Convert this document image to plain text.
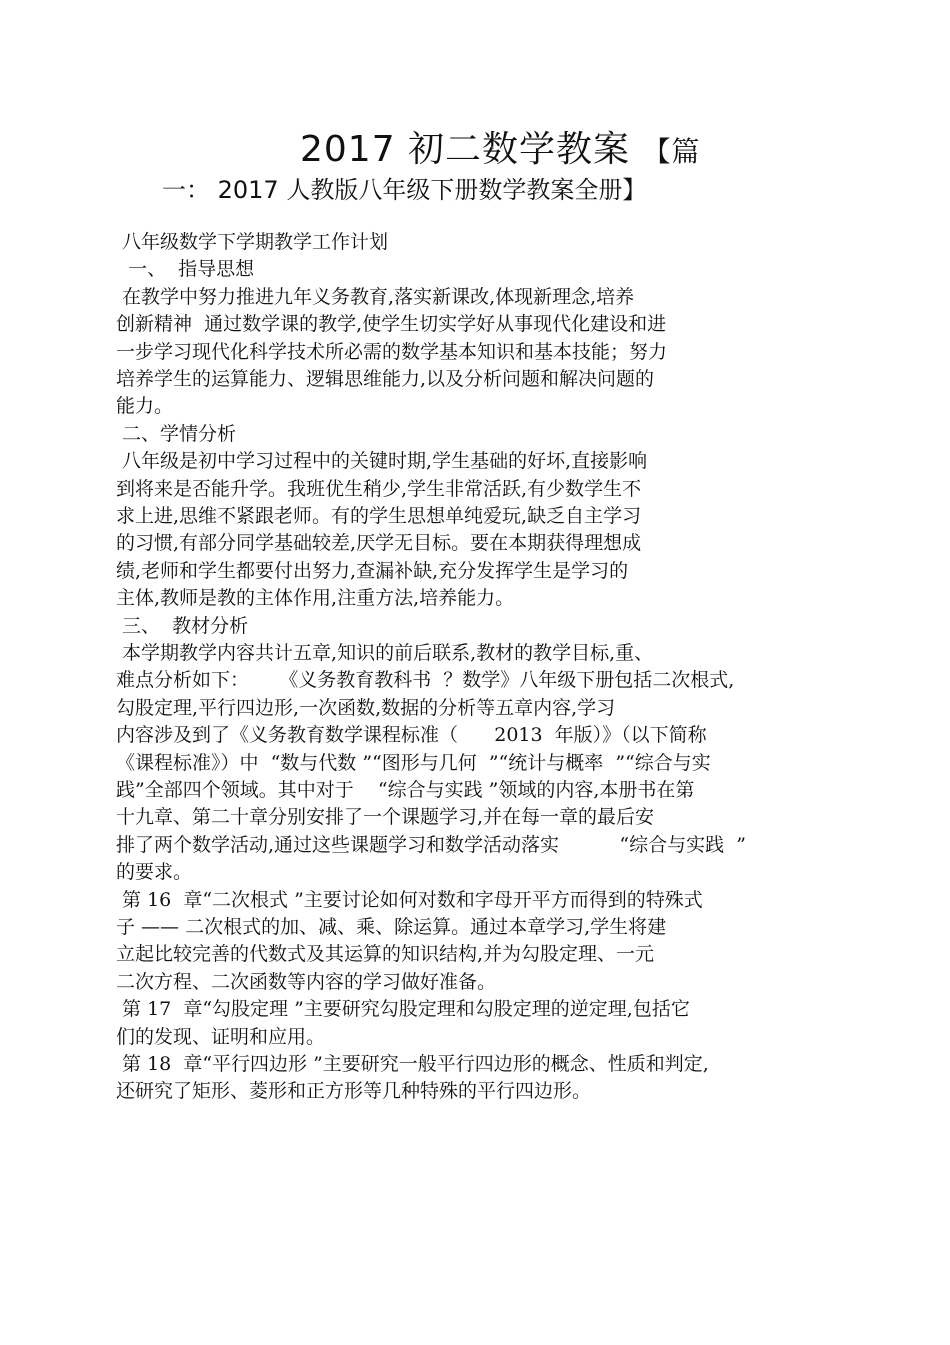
2017 初二数学教案 【篇
一： 2017 人教版八年级下册数学教案全册】
八年级数学下学期教学工作计划
一、  指导思想
在教学中努力推进九年义务教育,落实新课改,体现新理念,培养
创新精神  通过数学课的教学,使学生切实学好从事现代化建设和进
一步学习现代化科学技术所必需的数学基本知识和基本技能；努力
培养学生的运算能力、逻辑思维能力,以及分析问题和解决问题的
能力。
二、学情分析
八年级是初中学习过程中的关键时期,学生基础的好坏,直接影响
到将来是否能升学。我班优生稍少,学生非常活跃,有少数学生不
求上进,思维不紧跟老师。有的学生思想单纯爱玩,缺乏自主学习
的习惯,有部分同学基础较差,厌学无目标。要在本期获得理想成
绩,老师和学生都要付出努力,查漏补缺,充分发挥学生是学习的
主体,教师是教的主体作用,注重方法,培养能力。
三、  教材分析
本学期教学内容共计五章,知识的前后联系,教材的教学目标,重、
难点分析如下：     《义务教育教科书  ？数学》八年级下册包括二次根式,
勾股定理,平行四边形,一次函数,数据的分析等五章内容,学习
内容涉及到了《义务教育数学课程标准（      2013  年版）》（以下简称
《课程标准》）中  “数与代数 ”“图形与几何  ”“统计与概率  ”“综合与实
践”全部四个领域。其中对于    “综合与实践 ”领域的内容,本册书在第
十九章、第二十章分别安排了一个课题学习,并在每一章的最后安
排了两个数学活动,通过这些课题学习和数学活动落实          “综合与实践  ”
的要求。
第 16  章“二次根式 ”主要讨论如何对数和字母开平方而得到的特殊式
子 —— 二次根式的加、减、乘、除运算。通过本章学习,学生将建
立起比较完善的代数式及其运算的知识结构,并为勾股定理、一元
二次方程、二次函数等内容的学习做好准备。
第 17  章“勾股定理 ”主要研究勾股定理和勾股定理的逆定理,包括它
们的发现、证明和应用。
第 18  章“平行四边形 ”主要研究一般平行四边形的概念、性质和判定,
还研究了矩形、菱形和正方形等几种特殊的平行四边形。
